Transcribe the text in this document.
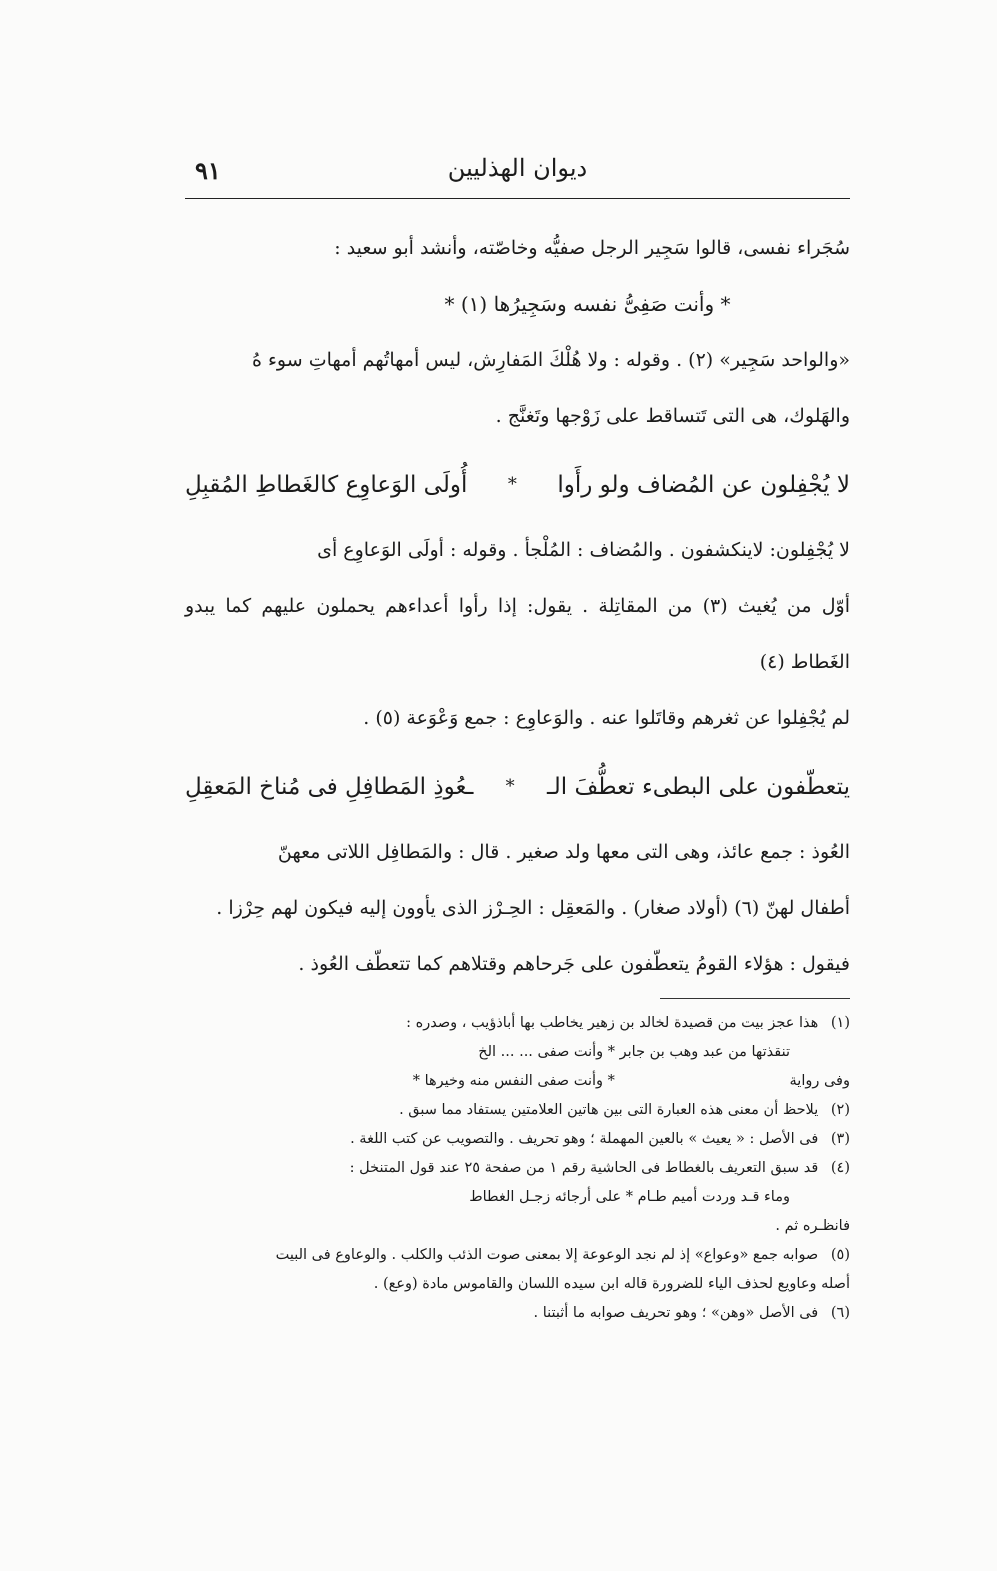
ديوان الهذليين
٩١
سُجَراء نفسى، قالوا سَجِير الرجل صفيُّه وخاصّته، وأنشد أبو سعيد :
* وأنت صَفِىُّ نفسه وسَجِيرُها (١) *
«والواحد سَجِير» (٢) . وقوله : ولا هُلْكَ المَفارِش، ليس أمهاتُهم أمهاتِ سوء هُ
والهَلوك، هى التى تَتساقط على زَوْجها وتَغنَّج .
لا يُجْفِلون عن المُضاف ولو رأَوا
*
أُولَى الوَعاوِع كالغَطاطِ المُقبِلِ
لا يُجْفِلون: لاينكشفون . والمُضاف : المُلْجأ . وقوله : أولَى الوَعاوِع أى
أوّل من يُغيث (٣) من المقاتِلة . يقول: إذا رأوا أعداءهم يحملون عليهم كما يبدو الغَطاط (٤)
لم يُجْفِلوا عن ثغرهم وقاتَلوا عنه . والوَعاوِع : جمع وَعْوَعة (٥) .
يتعطّفون على البطىء تعطُّفَ الـ
*
ـعُوذِ المَطافِلِ فى مُناخ المَعقِلِ
العُوذ : جمع عائذ، وهى التى معها ولد صغير . قال : والمَطافِل اللاتى معهنّ
أطفال لهنّ (٦) (أولاد صغار) . والمَعقِل : الحِـرْز الذى يأوون إليه فيكون لهم حِرْزا .
فيقول : هؤلاء القومُ يتعطّفون على جَرحاهم وقتلاهم كما تتعطّف العُوذ .
(١) هذا عجز بيت من قصيدة لخالد بن زهير يخاطب بها أباذؤيب ، وصدره :
تنقذتها من عبد وهب بن جابر * وأنت صفى ... ... الخ
وفى رواية * وأنت صفى النفس منه وخيرها *
(٢) يلاحظ أن معنى هذه العبارة التى بين هاتين العلامتين يستفاد مما سبق .
(٣) فى الأصل : « يعيث » بالعين المهملة ؛ وهو تحريف . والتصويب عن كتب اللغة .
(٤) قد سبق التعريف بالغطاط فى الحاشية رقم ١ من صفحة ٢٥ عند قول المتنخل :
وماء قـد وردت أميم طـام * على أرجائه زجـل الغطاط
فانظـره ثم .
(٥) صوابه جمع «وعواع» إذ لم نجد الوعوعة إلا بمعنى صوت الذئب والكلب . والوعاوع فى البيت
أصله وعاويع لحذف الياء للضرورة قاله ابن سيده اللسان والقاموس مادة (وعع) .
(٦) فى الأصل «وهن» ؛ وهو تحريف صوابه ما أثبتنا .
